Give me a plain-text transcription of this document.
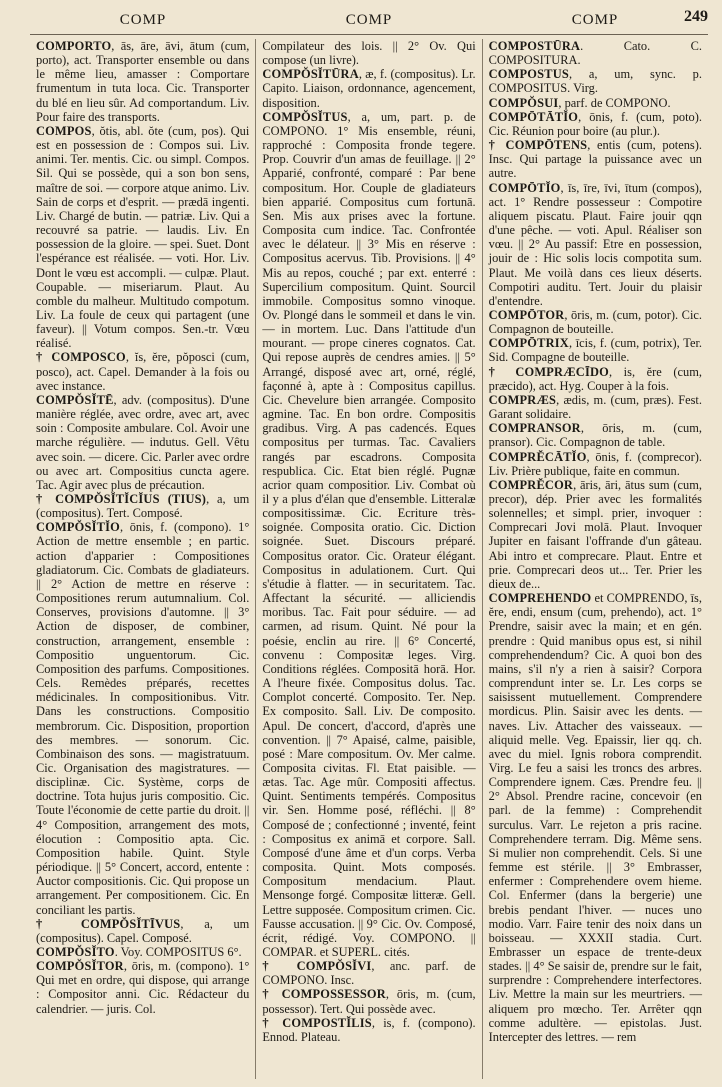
COMP	COMP	COMP	249

COMPORTO, ās, āre, āvi, ātum (cum, porto), act. Transporter ensemble ou dans le même lieu, amasser : Comportare frumentum in tuta loca. Cic. Transporter du blé en lieu sûr. Ad comportandum. Liv. Pour faire des transports.

COMPOS, ŏtis, abl. ŏte (cum, pos). Qui est en possession de : Compos sui. Liv. animi. Ter. mentis. Cic. ou simpl. Compos. Sil. Qui se possède, qui a son bon sens, maître de soi. — corpore atque animo. Liv. Sain de corps et d'esprit. — prædā ingenti. Liv. Chargé de butin. — patriæ. Liv. Qui a recouvré sa patrie. — laudis. Liv. En possession de la gloire. — spei. Suet. Dont l'espérance est réalisée. — voti. Hor. Liv. Dont le vœu est accompli. — culpæ. Plaut. Coupable. — miseriarum. Plaut. Au comble du malheur. Multitudo compotum. Liv. La foule de ceux qui partagent (une faveur). || Votum compos. Sen.-tr. Vœu réalisé.

† COMPOSCO, ĭs, ĕre, pŏposci (cum, posco), act. Capel. Demander à la fois ou avec instance.

COMPŎSĬTĒ, adv. (compositus). D'une manière réglée, avec ordre, avec art, avec soin : Composite ambulare. Col. Avoir une marche régulière. — indutus. Gell. Vêtu avec soin. — dicere. Cic. Parler avec ordre ou avec art. Compositius cuncta agere. Tac. Agir avec plus de précaution.

† COMPŎSĬTĬCĬUS (TIUS), a, um (compositus). Tert. Composé.

COMPŎSĬTĬO, ōnis, f. (compono). 1° Action de mettre ensemble ; en partic. action d'apparier : Compositiones gladiatorum. Cic. Combats de gladiateurs. || 2° Action de mettre en réserve : Compositiones rerum autumnalium. Col. Conserves, provisions d'automne. || 3° Action de disposer, de combiner, construction, arrangement, ensemble : Compositio unguentorum. Cic. Composition des parfums. Compositiones. Cels. Remèdes préparés, recettes médicinales. In compositionibus. Vitr. Dans les constructions. Compositio membrorum. Cic. Disposition, proportion des membres. — sonorum. Cic. Combinaison des sons. — magistratuum. Cic. Organisation des magistratures. — disciplinæ. Cic. Système, corps de doctrine. Tota hujus juris compositio. Cic. Toute l'économie de cette partie du droit. || 4° Composition, arrangement des mots, élocution : Compositio apta. Cic. Composition habile. Quint. Style périodique. || 5° Concert, accord, entente : Auctor compositionis. Cic. Qui propose un arrangement. Per compositionem. Cic. En conciliant les partis.

† COMPŎSĬTĪVUS, a, um (compositus). Capel. Composé.

COMPŎSĬTO. Voy. COMPOSITUS 6°.

COMPŎSĬTOR, ōris, m. (compono). 1° Qui met en ordre, qui dispose, qui arrange : Compositor anni. Cic. Rédacteur du calendrier. — juris. Col.

Compilateur des lois. || 2° Ov. Qui compose (un livre).

COMPŎSĬTŪRA, æ, f. (compositus). Lr. Capito. Liaison, ordonnance, agencement, disposition.

COMPŎSĬTUS, a, um, part. p. de COMPONO. 1° Mis ensemble, réuni, rapproché : Composita fronde tegere. Prop. Couvrir d'un amas de feuillage. || 2° Apparié, confronté, comparé : Par bene compositum. Hor. Couple de gladiateurs bien apparié. Compositus cum fortunā. Sen. Mis aux prises avec la fortune. Composita cum indice. Tac. Confrontée avec le délateur. || 3° Mis en réserve : Compositus acervus. Tib. Provisions. || 4° Mis au repos, couché ; par ext. enterré : Supercilium compositum. Quint. Sourcil immobile. Compositus somno vinoque. Ov. Plongé dans le sommeil et dans le vin. — in mortem. Luc. Dans l'attitude d'un mourant. — prope cineres cognatos. Cat. Qui repose auprès de cendres amies. || 5° Arrangé, disposé avec art, orné, réglé, façonné à, apte à : Compositus capillus. Cic. Chevelure bien arrangée. Composito agmine. Tac. En bon ordre. Compositis gradibus. Virg. A pas cadencés. Eques compositus per turmas. Tac. Cavaliers rangés par escadrons. Composita respublica. Cic. Etat bien réglé. Pugnæ acrior quam compositior. Liv. Combat où il y a plus d'élan que d'ensemble. Litteralæ compositissimæ. Cic. Ecriture très-soignée. Composita oratio. Cic. Diction soignée. Suet. Discours préparé. Compositus orator. Cic. Orateur élégant. Compositus in adulationem. Curt. Qui s'étudie à flatter. — in securitatem. Tac. Affectant la sécurité. — alliciendis moribus. Tac. Fait pour séduire. — ad carmen, ad risum. Quint. Né pour la poésie, enclin au rire. || 6° Concerté, convenu : Compositæ leges. Virg. Conditions réglées. Compositā horā. Hor. A l'heure fixée. Compositus dolus. Tac. Complot concerté. Composito. Ter. Nep. Ex composito. Sall. Liv. De composito. Apul. De concert, d'accord, d'après une convention. || 7° Apaisé, calme, paisible, posé : Mare compositum. Ov. Mer calme. Composita civitas. Fl. Etat paisible. — ætas. Tac. Age mûr. Compositi affectus. Quint. Sentiments tempérés. Compositus vir. Sen. Homme posé, réfléchi. || 8° Composé de ; confectionné ; inventé, feint : Compositus ex animā et corpore. Sall. Composé d'une âme et d'un corps. Verba composita. Quint. Mots composés. Compositum mendacium. Plaut. Mensonge forgé. Compositæ litteræ. Gell. Lettre supposée. Compositum crimen. Cic. Fausse accusation. || 9° Cic. Ov. Composé, écrit, rédigé. Voy. COMPONO. || COMPAR. et SUPERL. cités.

† COMPŎSĬVI, anc. parf. de COMPONO. Insc.

† COMPOSSESSOR, ōris, m. (cum, possessor). Tert. Qui possède avec.

† COMPOSTĬLIS, is, f. (compono). Ennod. Plateau.

COMPOSTŪRA. Cato. C. COMPOSITURA.

COMPOSTUS, a, um, sync. p. COMPOSITUS. Virg.

COMPŎSUI, parf. de COMPONO.

COMPŌTĀTĬO, ōnis, f. (cum, poto). Cic. Réunion pour boire (au plur.).

† COMPŌTENS, entis (cum, potens). Insc. Qui partage la puissance avec un autre.

COMPŌTĬO, īs, īre, īvi, ītum (compos), act. 1° Rendre possesseur : Compotire aliquem piscatu. Plaut. Faire jouir qqn d'une pêche. — voti. Apul. Réaliser son vœu. || 2° Au passif: Etre en possession, jouir de : Hic solis locis compotita sum. Plaut. Me voilà dans ces lieux déserts. Compotiri auditu. Tert. Jouir du plaisir d'entendre.

COMPŌTOR, ōris, m. (cum, potor). Cic. Compagnon de bouteille.

COMPŌTRIX, īcis, f. (cum, potrix), Ter. Sid. Compagne de bouteille.

† COMPRÆCĪDO, is, ĕre (cum, præcido), act. Hyg. Couper à la fois.

COMPRÆS, ædis, m. (cum, præs). Fest. Garant solidaire.

COMPRANSOR, ōris, m. (cum, pransor). Cic. Compagnon de table.

COMPRĔCĀTĬO, ōnis, f. (comprecor). Liv. Prière publique, faite en commun.

COMPRĔCOR, āris, āri, ātus sum (cum, precor), dép. Prier avec les formalités solennelles; et simpl. prier, invoquer : Comprecari Jovi molā. Plaut. Invoquer Jupiter en faisant l'offrande d'un gâteau. Abi intro et comprecare. Plaut. Entre et prie. Comprecari deos ut... Ter. Prier les dieux de...

COMPREHENDO et COMPRENDO, īs, ĕre, endi, ensum (cum, prehendo), act. 1° Prendre, saisir avec la main; et en gén. prendre : Quid manibus opus est, si nihil comprehendendum? Cic. A quoi bon des mains, s'il n'y a rien à saisir? Corpora comprendunt inter se. Lr. Les corps se saisissent mutuellement. Comprendere mordicus. Plin. Saisir avec les dents. — naves. Liv. Attacher des vaisseaux. — aliquid melle. Veg. Epaissir, lier qq. ch. avec du miel. Ignis robora comprendit. Virg. Le feu a saisi les troncs des arbres. Comprendere ignem. Cæs. Prendre feu. || 2° Absol. Prendre racine, concevoir (en parl. de la femme) : Comprehendit surculus. Varr. Le rejeton a pris racine. Comprehendere terram. Dig. Même sens. Si mulier non comprehendit. Cels. Si une femme est stérile. || 3° Embrasser, enfermer : Comprehendere ovem hieme. Col. Enfermer (dans la bergerie) une brebis pendant l'hiver. — nuces uno modio. Varr. Faire tenir des noix dans un boisseau. — XXXII stadia. Curt. Embrasser un espace de trente-deux stades. || 4° Se saisir de, prendre sur le fait, surprendre : Comprehendere interfectores. Liv. Mettre la main sur les meurtriers. — aliquem pro mœcho. Ter. Arrêter qqn comme adultère. — epistolas. Just. Intercepter des lettres. — rem
